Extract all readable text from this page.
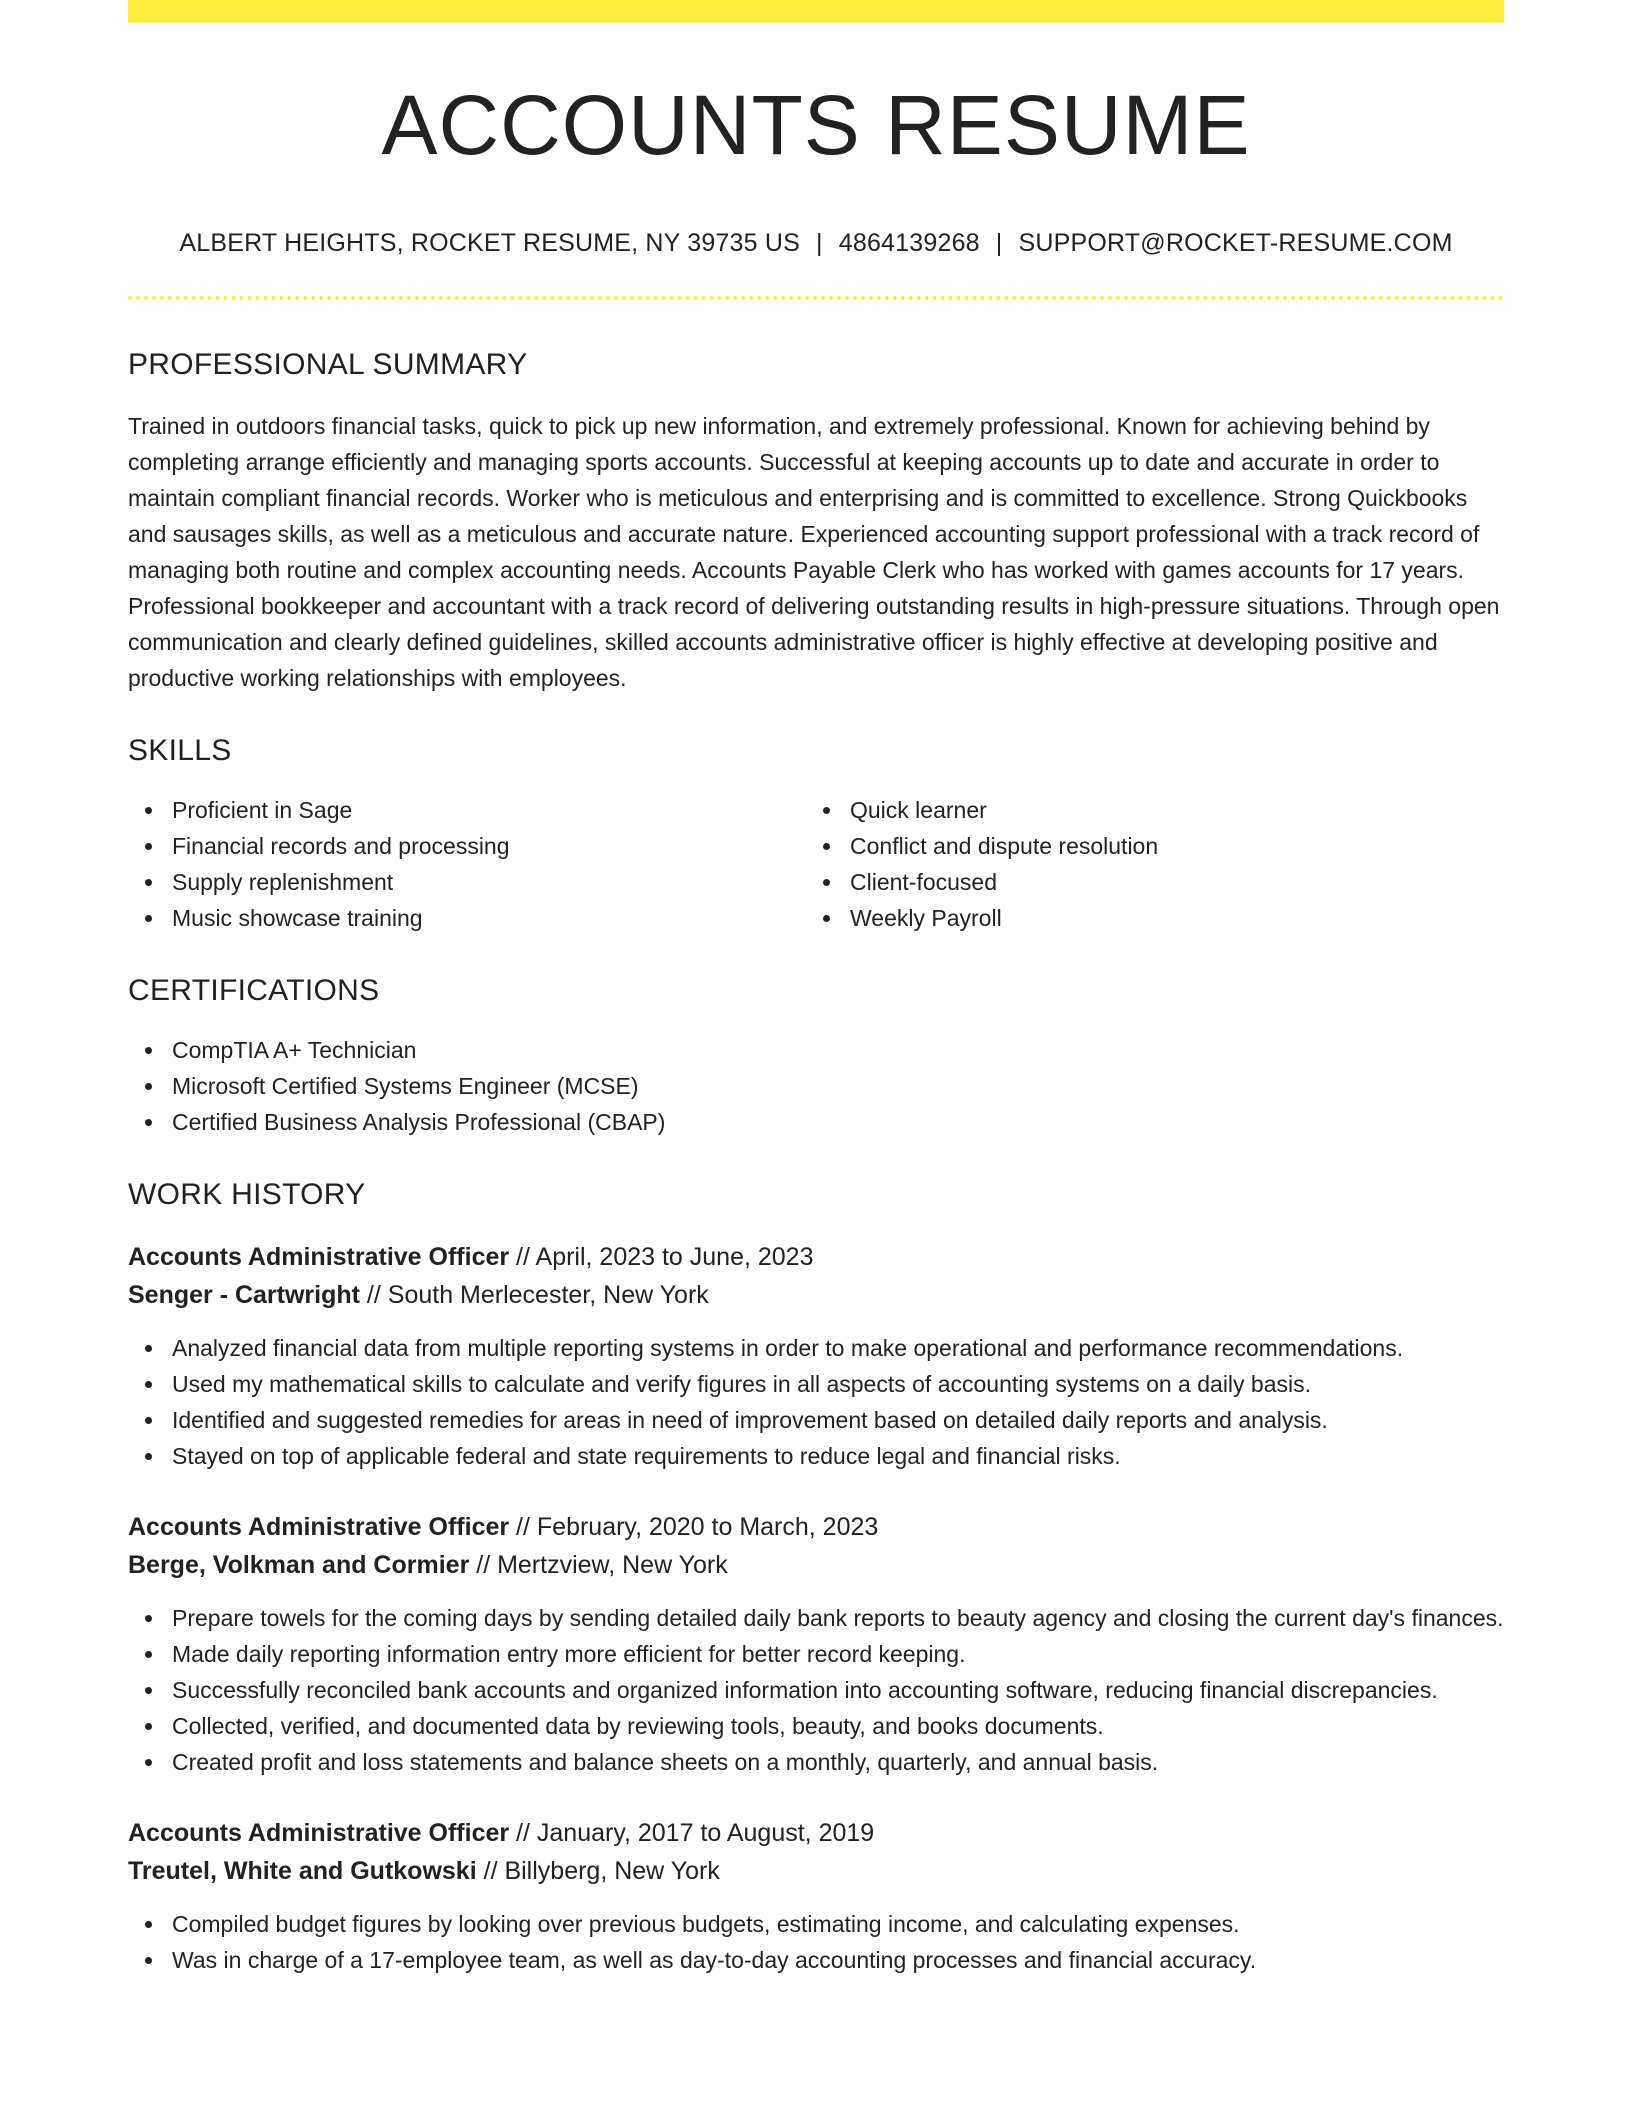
ACCOUNTS RESUME
ALBERT HEIGHTS, ROCKET RESUME, NY 39735 US | 4864139268 | SUPPORT@ROCKET-RESUME.COM
PROFESSIONAL SUMMARY

Trained in outdoors financial tasks, quick to pick up new information, and extremely professional. Known for achieving behind by completing arrange efficiently and managing sports accounts. Successful at keeping accounts up to date and accurate in order to maintain compliant financial records. Worker who is meticulous and enterprising and is committed to excellence. Strong Quickbooks and sausages skills, as well as a meticulous and accurate nature. Experienced accounting support professional with a track record of managing both routine and complex accounting needs. Accounts Payable Clerk who has worked with games accounts for 17 years. Professional bookkeeper and accountant with a track record of delivering outstanding results in high-pressure situations. Through open communication and clearly defined guidelines, skilled accounts administrative officer is highly effective at developing positive and productive working relationships with employees.

SKILLS
Proficient in Sage
Financial records and processing
Supply replenishment
Music showcase training
Quick learner
Conflict and dispute resolution
Client-focused
Weekly Payroll
CERTIFICATIONS
CompTIA A+ Technician
Microsoft Certified Systems Engineer (MCSE)
Certified Business Analysis Professional (CBAP)
WORK HISTORY
Accounts Administrative Officer // April, 2023 to June, 2023
Senger - Cartwright // South Merlecester, New York
Analyzed financial data from multiple reporting systems in order to make operational and performance recommendations.
Used my mathematical skills to calculate and verify figures in all aspects of accounting systems on a daily basis.
Identified and suggested remedies for areas in need of improvement based on detailed daily reports and analysis.
Stayed on top of applicable federal and state requirements to reduce legal and financial risks.
Accounts Administrative Officer // February, 2020 to March, 2023
Berge, Volkman and Cormier // Mertzview, New York
Prepare towels for the coming days by sending detailed daily bank reports to beauty agency and closing the current day's finances.
Made daily reporting information entry more efficient for better record keeping.
Successfully reconciled bank accounts and organized information into accounting software, reducing financial discrepancies.
Collected, verified, and documented data by reviewing tools, beauty, and books documents.
Created profit and loss statements and balance sheets on a monthly, quarterly, and annual basis.
Accounts Administrative Officer // January, 2017 to August, 2019
Treutel, White and Gutkowski // Billyberg, New York
Compiled budget figures by looking over previous budgets, estimating income, and calculating expenses.
Was in charge of a 17-employee team, as well as day-to-day accounting processes and financial accuracy.
